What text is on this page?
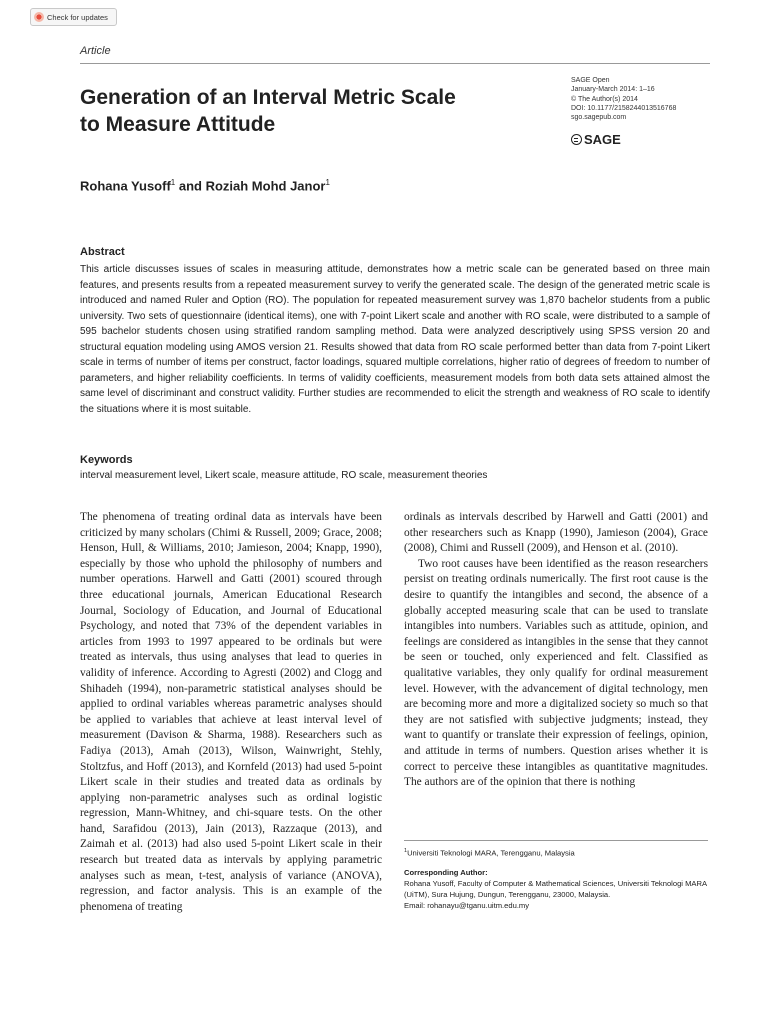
Check for updates
Article
Generation of an Interval Metric Scale to Measure Attitude
SAGE Open
January-March 2014: 1–16
© The Author(s) 2014
DOI: 10.1177/2158244013516768
sgo.sagepub.com
SAGE
Rohana Yusoff$^1$ and Roziah Mohd Janor$^1$
Abstract

This article discusses issues of scales in measuring attitude, demonstrates how a metric scale can be generated based on three main features, and presents results from a repeated measurement survey to verify the generated scale. The design of the generated metric scale is introduced and named Ruler and Option (RO). The population for repeated measurement survey was 1,870 bachelor students from a public university. Two sets of questionnaire (identical items), one with 7-point Likert scale and another with RO scale, were distributed to a sample of 595 bachelor students chosen using stratified random sampling method. Data were analyzed descriptively using SPSS version 20 and structural equation modeling using AMOS version 21. Results showed that data from RO scale performed better than data from 7-point Likert scale in terms of number of items per construct, factor loadings, squared multiple correlations, higher ratio of degrees of freedom to number of parameters, and higher reliability coefficients. In terms of validity coefficients, measurement models from both data sets attained almost the same level of discriminant and construct validity. Further studies are recommended to elicit the strength and weakness of RO scale to identify the situations where it is most suitable.

Keywords
interval measurement level, Likert scale, measure attitude, RO scale, measurement theories

The phenomena of treating ordinal data as intervals have been criticized by many scholars (Chimi & Russell, 2009; Grace, 2008; Henson, Hull, & Williams, 2010; Jamieson, 2004; Knapp, 1990), especially by those who uphold the philosophy of numbers and number operations. Harwell and Gatti (2001) scoured through three educational journals, American Educational Research Journal, Sociology of Education, and Journal of Educational Psychology, and noted that 73% of the dependent variables in articles from 1993 to 1997 appeared to be ordinals but were treated as intervals, thus using analyses that lead to queries in validity of inference. According to Agresti (2002) and Clogg and Shihadeh (1994), non-parametric statistical analyses should be applied to ordinal variables whereas parametric analyses should be applied to variables that achieve at least interval level of measurement (Davison & Sharma, 1988). Researchers such as Fadiya (2013), Amah (2013), Wilson, Wainwright, Stehly, Stoltzfus, and Hoff (2013), and Kornfeld (2013) had used 5-point Likert scale in their studies and treated data as ordinals by applying non-parametric analyses such as ordinal logistic regression, Mann-Whitney, and chi-square tests. On the other hand, Sarafidou (2013), Jain (2013), Razzaque (2013), and Zaimah et al. (2013) had also used 5-point Likert scale in their research but treated data as intervals by applying parametric analyses such as mean, t-test, analysis of variance (ANOVA), regression, and factor analysis. This is an example of the phenomena of treating

ordinals as intervals described by Harwell and Gatti (2001) and other researchers such as Knapp (1990), Jamieson (2004), Grace (2008), Chimi and Russell (2009), and Henson et al. (2010).

Two root causes have been identified as the reason researchers persist on treating ordinals numerically. The first root cause is the desire to quantify the intangibles and second, the absence of a globally accepted measuring scale that can be used to translate intangibles into numbers. Variables such as attitude, opinion, and feelings are considered as intangibles in the sense that they cannot be seen or touched, only experienced and felt. Classified as qualitative variables, they only qualify for ordinal measurement level. However, with the advancement of digital technology, men are becoming more and more a digitalized society so much so that they are not satisfied with subjective judgments; instead, they want to quantify or translate their expression of feelings, opinion, and attitude in terms of numbers. Question arises whether it is correct to perceive these intangibles as quantitative magnitudes. The authors are of the opinion that there is nothing

$^1$Universiti Teknologi MARA, Terengganu, Malaysia
Corresponding Author:
Rohana Yusoff, Faculty of Computer & Mathematical Sciences, Universiti Teknologi MARA (UiTM), Sura Hujung, Dungun, Terengganu, 23000, Malaysia.
Email: rohanayu@tganu.uitm.edu.my
